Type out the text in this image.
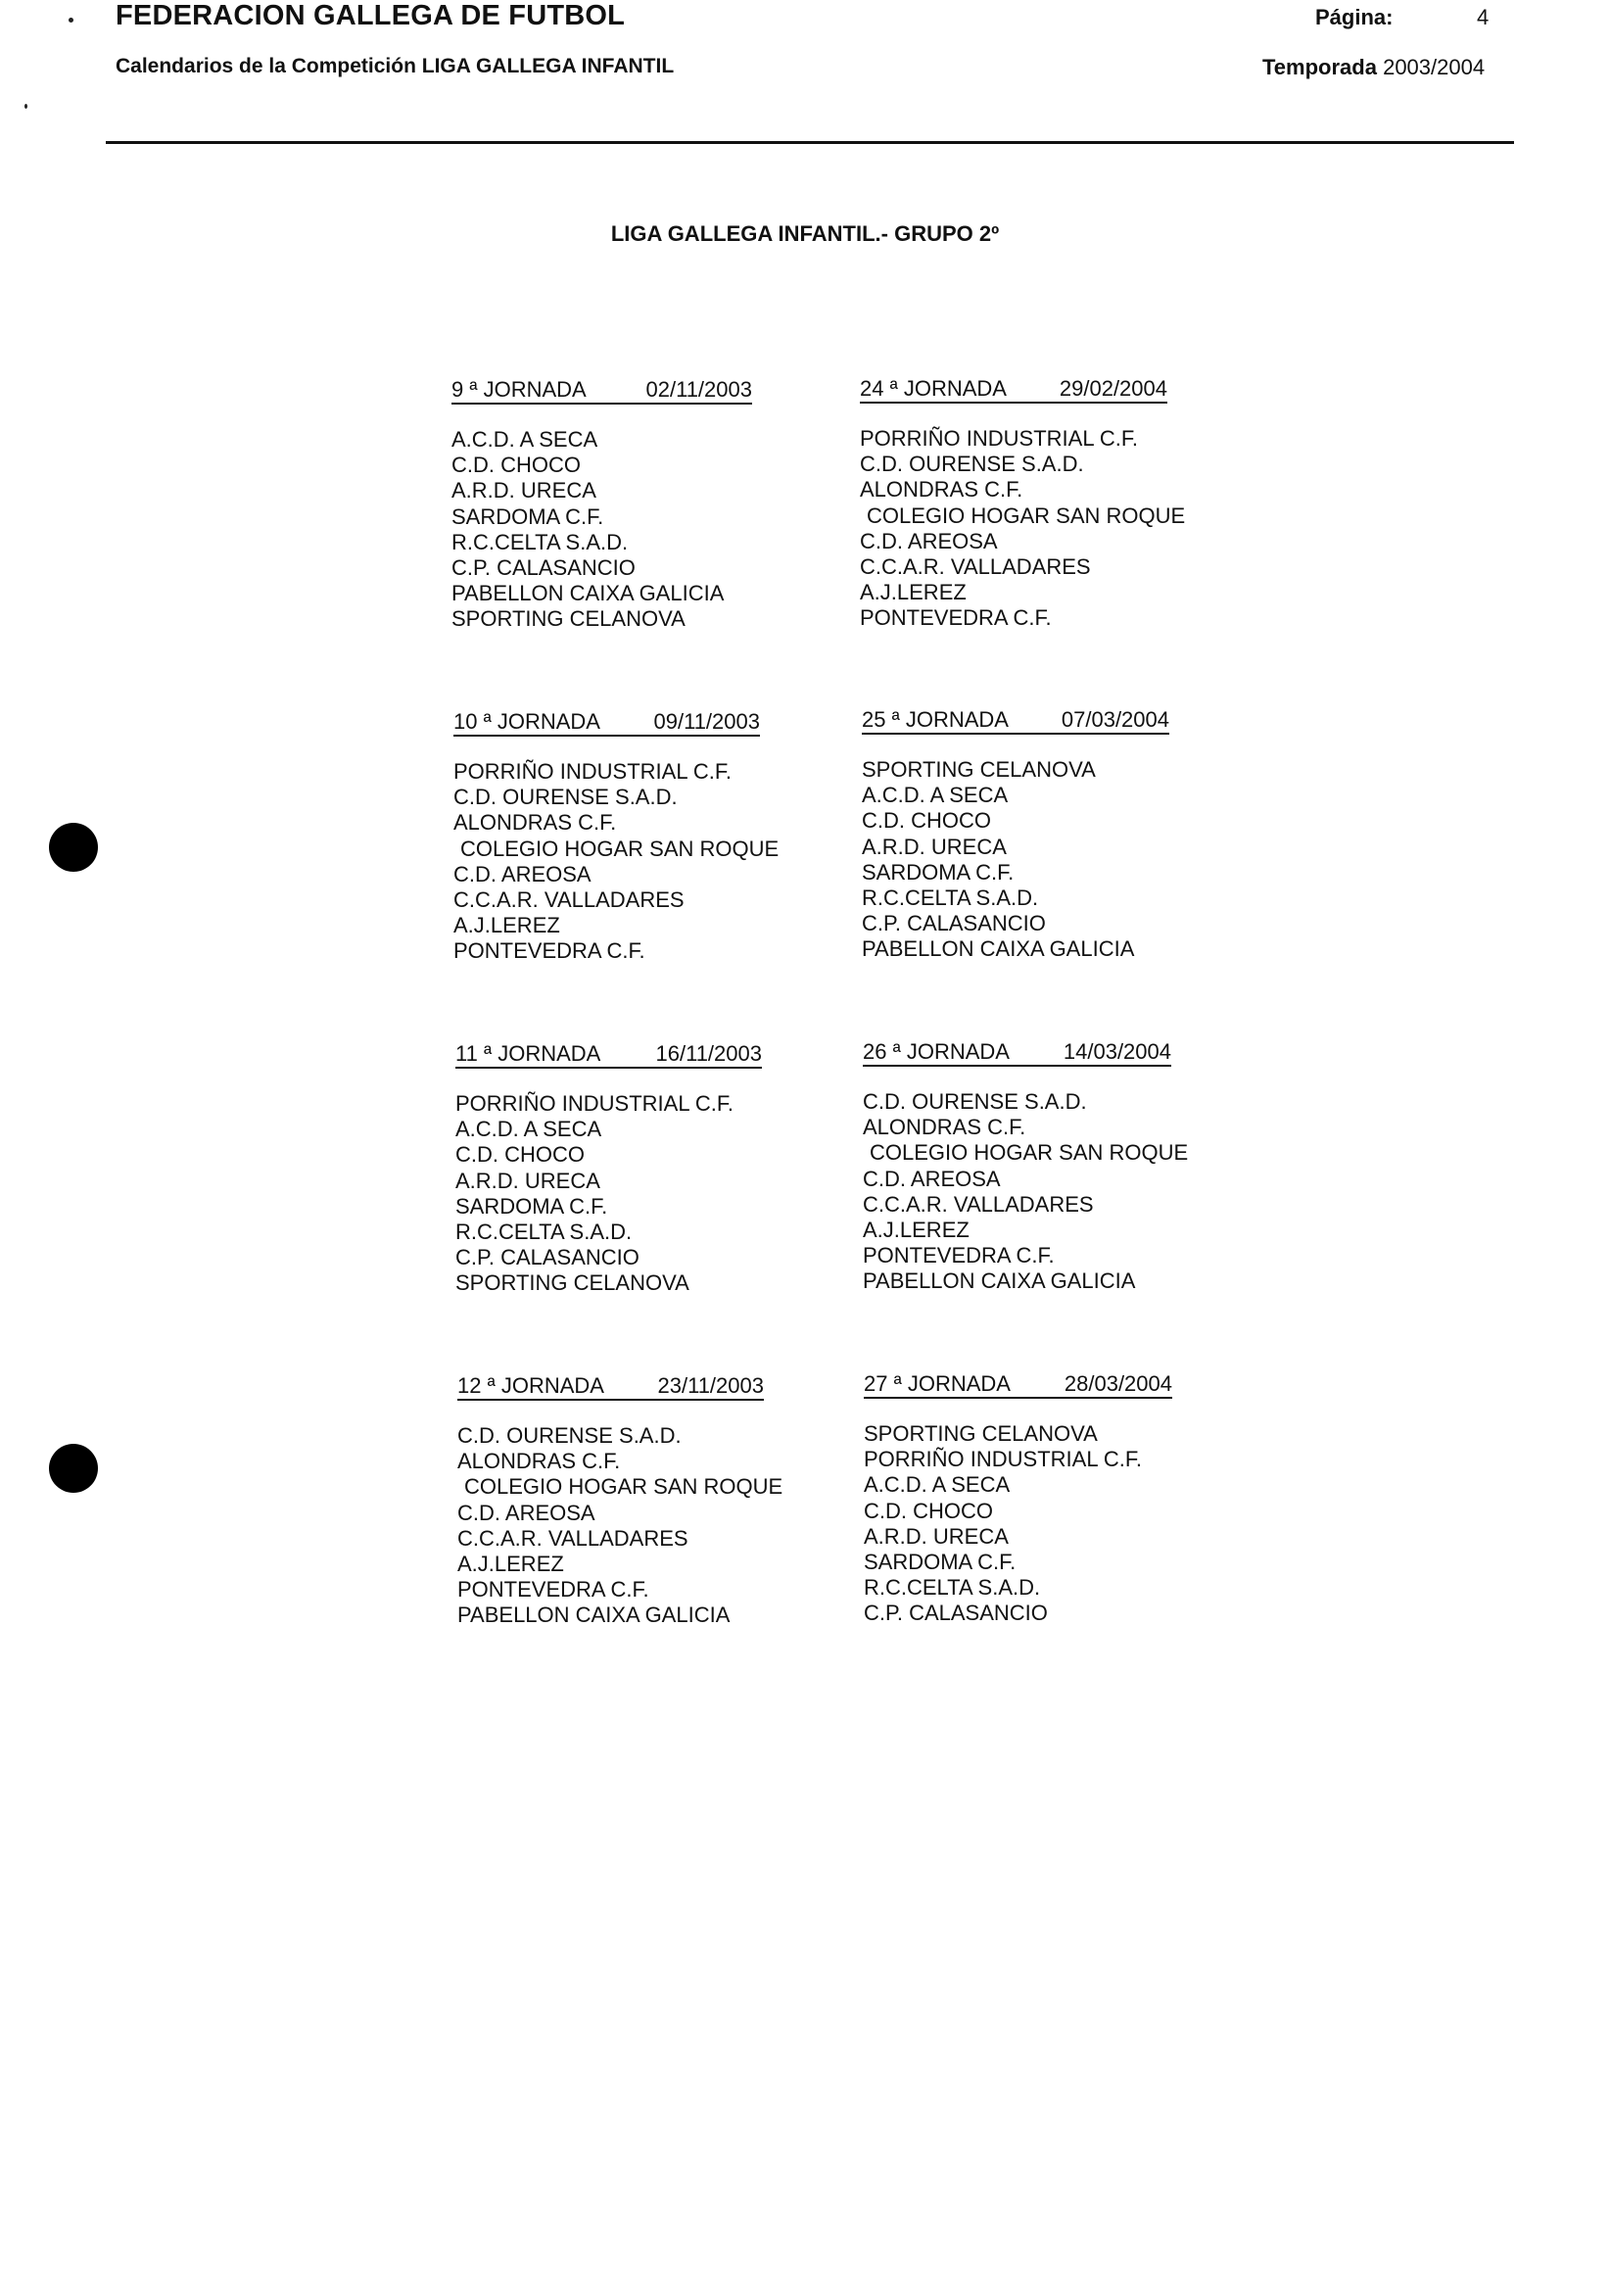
FEDERACION GALLEGA DE FUTBOL	Página:	4
Calendarios de la Competición LIGA GALLEGA INFANTIL	Temporada 2003/2004
LIGA GALLEGA INFANTIL.- GRUPO 2º
9 ª JORNADA	02/11/2003
A.C.D. A SECA
C.D. CHOCO
A.R.D. URECA
SARDOMA C.F.
R.C.CELTA S.A.D.
C.P. CALASANCIO
PABELLON CAIXA GALICIA
SPORTING CELANOVA
24 ª JORNADA 29/02/2004
PORRIÑO INDUSTRIAL C.F.
C.D. OURENSE S.A.D.
ALONDRAS C.F.
COLEGIO HOGAR SAN ROQUE
C.D. AREOSA
C.C.A.R. VALLADARES
A.J.LEREZ
PONTEVEDRA C.F.
10 ª JORNADA 09/11/2003
PORRIÑO INDUSTRIAL C.F.
C.D. OURENSE S.A.D.
ALONDRAS C.F.
COLEGIO HOGAR SAN ROQUE
C.D. AREOSA
C.C.A.R. VALLADARES
A.J.LEREZ
PONTEVEDRA C.F.
25 ª JORNADA 07/03/2004
SPORTING CELANOVA
A.C.D. A SECA
C.D. CHOCO
A.R.D. URECA
SARDOMA C.F.
R.C.CELTA S.A.D.
C.P. CALASANCIO
PABELLON CAIXA GALICIA
11 ª JORNADA	16/11/2003
PORRIÑO INDUSTRIAL C.F.
A.C.D. A SECA
C.D. CHOCO
A.R.D. URECA
SARDOMA C.F.
R.C.CELTA S.A.D.
C.P. CALASANCIO
SPORTING CELANOVA
26 ª JORNADA 14/03/2004
C.D. OURENSE S.A.D.
ALONDRAS C.F.
COLEGIO HOGAR SAN ROQUE
C.D. AREOSA
C.C.A.R. VALLADARES
A.J.LEREZ
PONTEVEDRA C.F.
PABELLON CAIXA GALICIA
12 ª JORNADA 23/11/2003
C.D. OURENSE S.A.D.
ALONDRAS C.F.
COLEGIO HOGAR SAN ROQUE
C.D. AREOSA
C.C.A.R. VALLADARES
A.J.LEREZ
PONTEVEDRA C.F.
PABELLON CAIXA GALICIA
27 ª JORNADA 28/03/2004
SPORTING CELANOVA
PORRIÑO INDUSTRIAL C.F.
A.C.D. A SECA
C.D. CHOCO
A.R.D. URECA
SARDOMA C.F.
R.C.CELTA S.A.D.
C.P. CALASANCIO
